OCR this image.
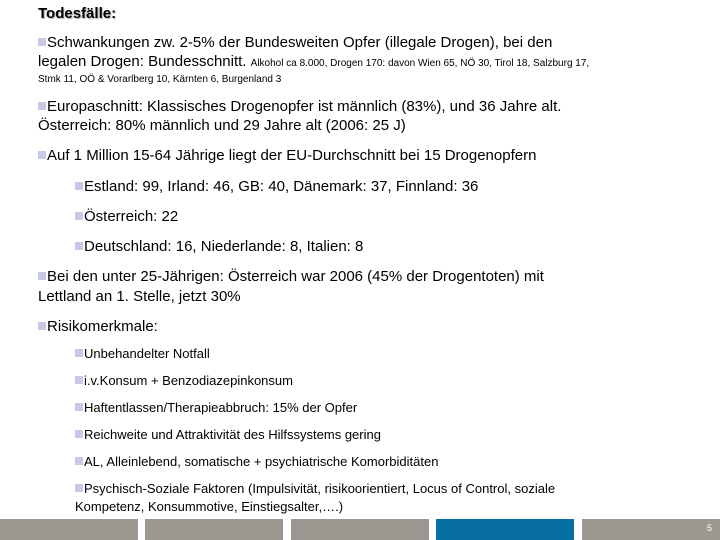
Todesfälle:
Schwankungen zw. 2-5% der Bundesweiten Opfer (illegale Drogen), bei den
legalen Drogen: Bundesschnitt. Alkohol ca 8.000, Drogen 170: davon Wien 65, NÖ 30, Tirol 18, Salzburg 17,
Stmk 11, OÖ & Vorarlberg 10, Kärnten 6, Burgenland 3
Europaschnitt: Klassisches Drogenopfer ist männlich (83%), und 36 Jahre alt.
Österreich: 80% männlich und 29 Jahre alt (2006: 25 J)
Auf 1 Million 15-64 Jährige liegt der EU-Durchschnitt bei 15 Drogenopfern
Estland: 99, Irland: 46, GB: 40, Dänemark: 37, Finnland: 36
Österreich: 22
Deutschland: 16, Niederlande: 8, Italien: 8
Bei den unter 25-Jährigen: Österreich war 2006 (45% der Drogentoten) mit
Lettland an 1. Stelle, jetzt 30%
Risikomerkmale:
Unbehandelter Notfall
i.v.Konsum + Benzodiazepinkonsum
Haftentlassen/Therapieabbruch: 15% der Opfer
Reichweite und Attraktivität des Hilfssystems gering
AL, Alleinlebend, somatische + psychiatrische Komorbiditäten
Psychisch-Soziale Faktoren (Impulsivität, risikoorientiert, Locus of Control, soziale
Kompetenz, Konsummotive, Einstiegsalter,….)
5
